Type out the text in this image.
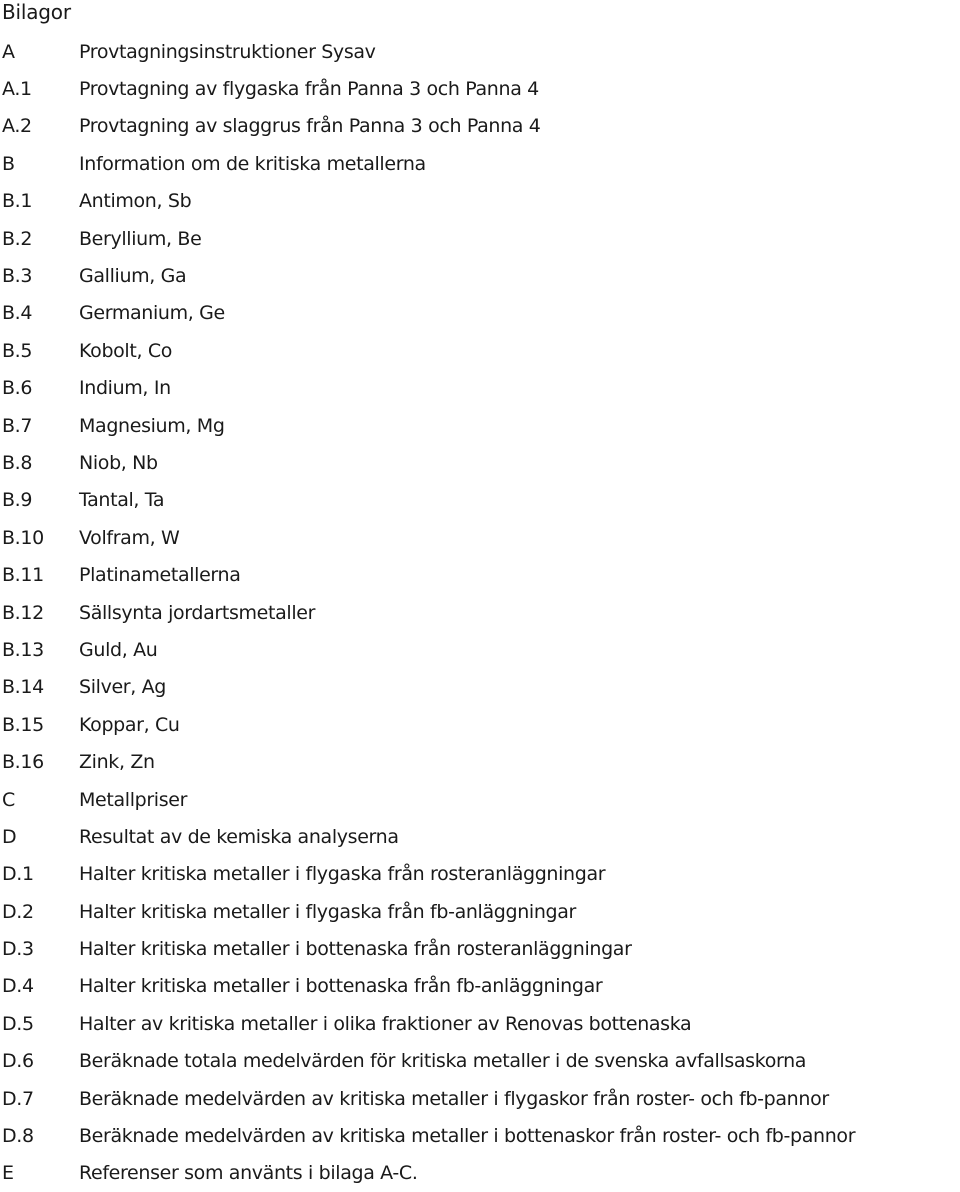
Bilagor
A	Provtagningsinstruktioner Sysav
A.1	Provtagning av flygaska från Panna 3 och Panna 4
A.2	Provtagning av slaggrus från Panna 3 och Panna 4
B	Information om de kritiska metallerna
B.1	Antimon, Sb
B.2	Beryllium, Be
B.3	Gallium, Ga
B.4	Germanium, Ge
B.5	Kobolt, Co
B.6	Indium, In
B.7	Magnesium, Mg
B.8	Niob, Nb
B.9	Tantal, Ta
B.10	Volfram, W
B.11	Platinametallerna
B.12	Sällsynta jordartsmetaller
B.13	Guld, Au
B.14	Silver, Ag
B.15	Koppar, Cu
B.16	Zink, Zn
C	Metallpriser
D	Resultat av de kemiska analyserna
D.1	Halter kritiska metaller i flygaska från rosteranläggningar
D.2	Halter kritiska metaller i flygaska från fb-anläggningar
D.3	Halter kritiska metaller i bottenaska från rosteranläggningar
D.4	Halter kritiska metaller i bottenaska från fb-anläggningar
D.5	Halter av kritiska metaller i olika fraktioner av Renovas bottenaska
D.6	Beräknade totala medelvärden för kritiska metaller i de svenska avfallsaskorna
D.7	Beräknade medelvärden av kritiska metaller i flygaskor från roster- och fb-pannor
D.8	Beräknade medelvärden av kritiska metaller i bottenaskor från roster- och fb-pannor
E	Referenser som använts i bilaga A-C.
